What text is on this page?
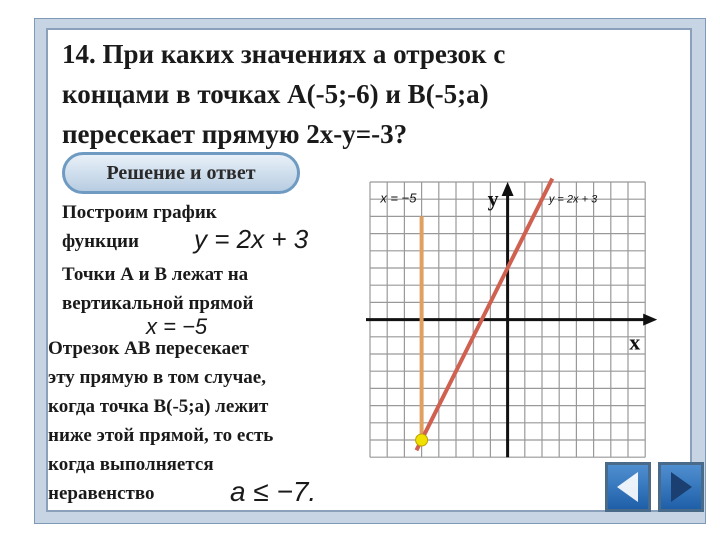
14. При каких значениях а отрезок с
концами в точках А(-5;-6) и В(-5;а)
пересекает прямую 2х-у=-3?
Решение и ответ
Построим график
функции	y = 2x + 3
Точки А и В лежат на
вертикальной прямой
x = −5
Отрезок АВ пересекает
эту прямую в том случае,
когда точка В(-5;а) лежит
ниже этой прямой, то есть
когда выполняется
неравенство	a ≤ −7.
у
х
y = 2x + 3
x = −5
